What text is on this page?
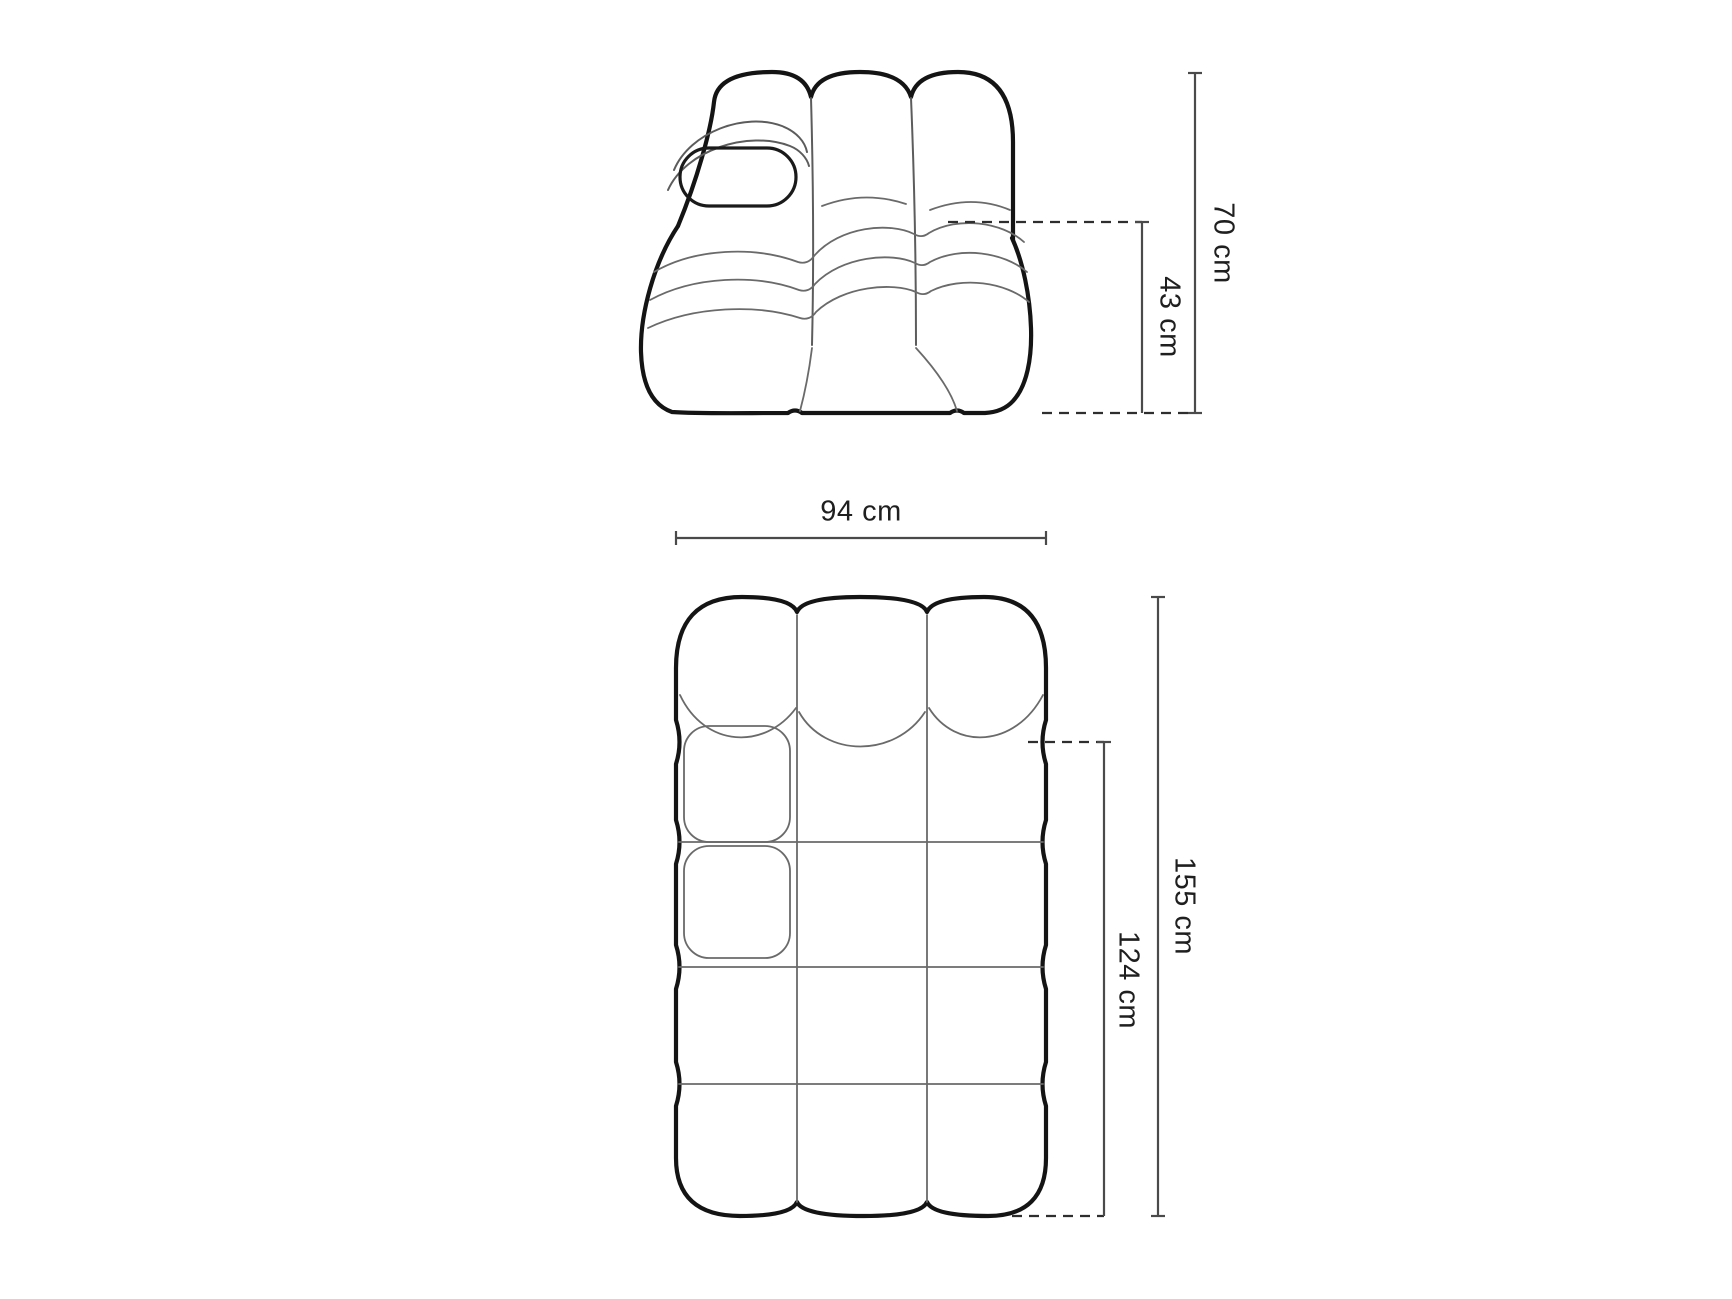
70 cm
43 cm
94 cm
155 cm
124 cm
